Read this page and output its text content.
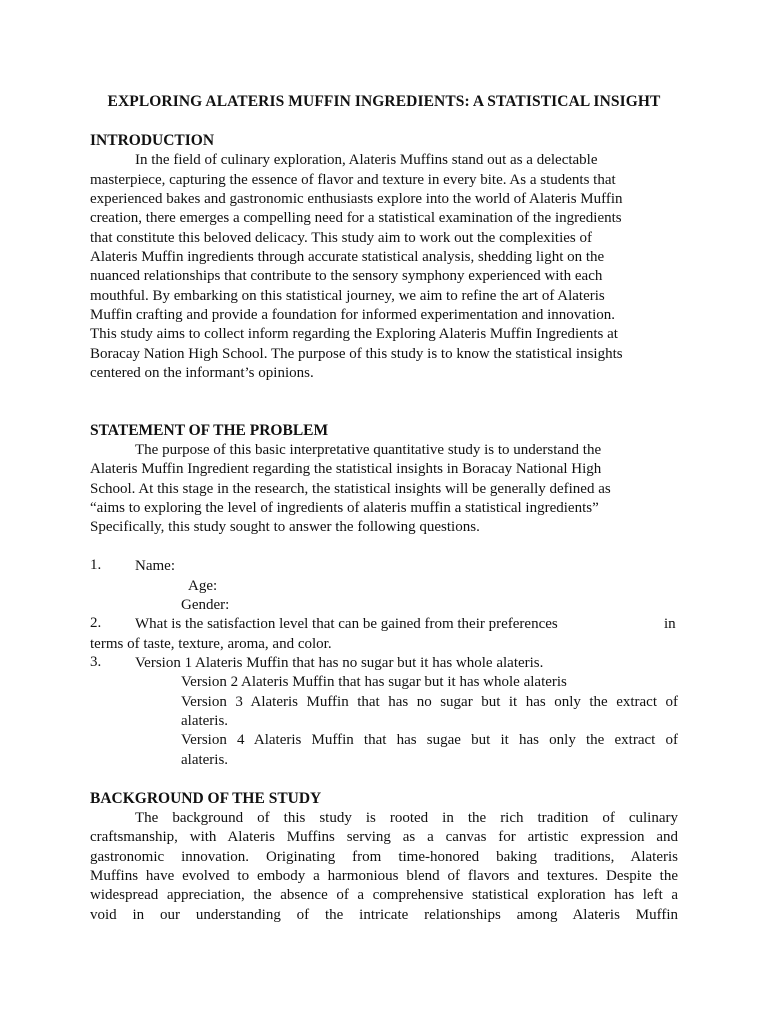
EXPLORING ALATERIS MUFFIN INGREDIENTS: A STATISTICAL INSIGHT
INTRODUCTION
In the field of culinary exploration, Alateris Muffins stand out as a delectable
masterpiece, capturing the essence of flavor and texture in every bite. As a students that
experienced bakes and gastronomic enthusiasts explore into the world of Alateris Muffin
creation, there emerges a compelling need for a statistical examination of the ingredients
that constitute this beloved delicacy. This study aim to work out the complexities of
Alateris Muffin ingredients through accurate statistical analysis, shedding light on the
nuanced relationships that contribute to the sensory symphony experienced with each
mouthful. By embarking on this statistical journey, we aim to refine the art of Alateris
Muffin crafting and provide a foundation for informed experimentation and innovation.
This study aims to collect inform regarding the Exploring Alateris Muffin Ingredients at
Boracay Nation High School. The purpose of this study is to know the statistical insights
centered on the informant’s opinions.
STATEMENT OF THE PROBLEM
The purpose of this basic interpretative quantitative study is to understand the
Alateris Muffin Ingredient regarding the statistical insights in Boracay National High
School. At this stage in the research, the statistical insights will be generally defined as
“aims to exploring the level of ingredients of alateris muffin a statistical ingredients”
Specifically, this study sought to answer the following questions.
1. Name:
Age:
Gender:
2. What is the satisfaction level that can be gained from their preferences	in
terms of taste, texture, aroma, and color.
3. Version 1 Alateris Muffin that has no sugar but it has whole alateris.
Version 2 Alateris Muffin that has sugar but it has whole alateris
Version 3 Alateris Muffin that has no sugar but it has only the extract of
alateris.
Version 4 Alateris Muffin that has sugae but it has only the extract of
alateris.
BACKGROUND OF THE STUDY
The background of this study is rooted in the rich tradition of culinary
craftsmanship, with Alateris Muffins serving as a canvas for artistic expression and
gastronomic innovation. Originating from time-honored baking traditions, Alateris
Muffins have evolved to embody a harmonious blend of flavors and textures. Despite the
widespread appreciation, the absence of a comprehensive statistical exploration has left a
void in our understanding of the intricate relationships among Alateris Muffin
